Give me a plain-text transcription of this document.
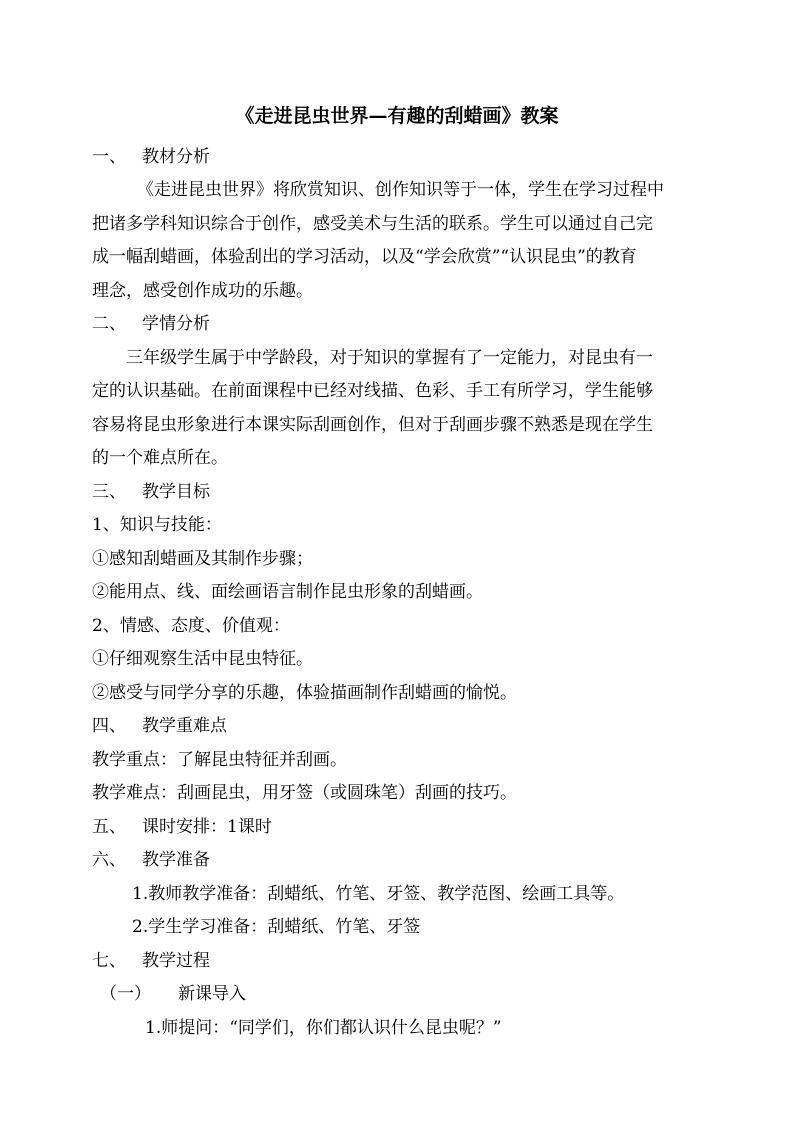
《走进昆虫世界—有趣的刮蜡画》教案
一、 教材分析
《走进昆虫世界》将欣赏知识、创作知识等于一体，学生在学习过程中
把诸多学科知识综合于创作，感受美术与生活的联系。学生可以通过自己完
成一幅刮蜡画，体验刮出的学习活动，以及“学会欣赏”“认识昆虫”的教育
理念，感受创作成功的乐趣。
二、 学情分析
三年级学生属于中学龄段，对于知识的掌握有了一定能力，对昆虫有一
定的认识基础。在前面课程中已经对线描、色彩、手工有所学习，学生能够
容易将昆虫形象进行本课实际刮画创作，但对于刮画步骤不熟悉是现在学生
的一个难点所在。
三、 教学目标
1、知识与技能：
①感知刮蜡画及其制作步骤；
②能用点、线、面绘画语言制作昆虫形象的刮蜡画。
2、情感、态度、价值观：
①仔细观察生活中昆虫特征。
②感受与同学分享的乐趣，体验描画制作刮蜡画的愉悦。
四、 教学重难点
教学重点：了解昆虫特征并刮画。
教学难点：刮画昆虫，用牙签（或圆珠笔）刮画的技巧。
五、 课时安排：1课时
六、 教学准备
1.教师教学准备：刮蜡纸、竹笔、牙签、教学范图、绘画工具等。
2.学生学习准备：刮蜡纸、竹笔、牙签
七、 教学过程
（一） 新课导入
1.师提问：“同学们，你们都认识什么昆虫呢？”
